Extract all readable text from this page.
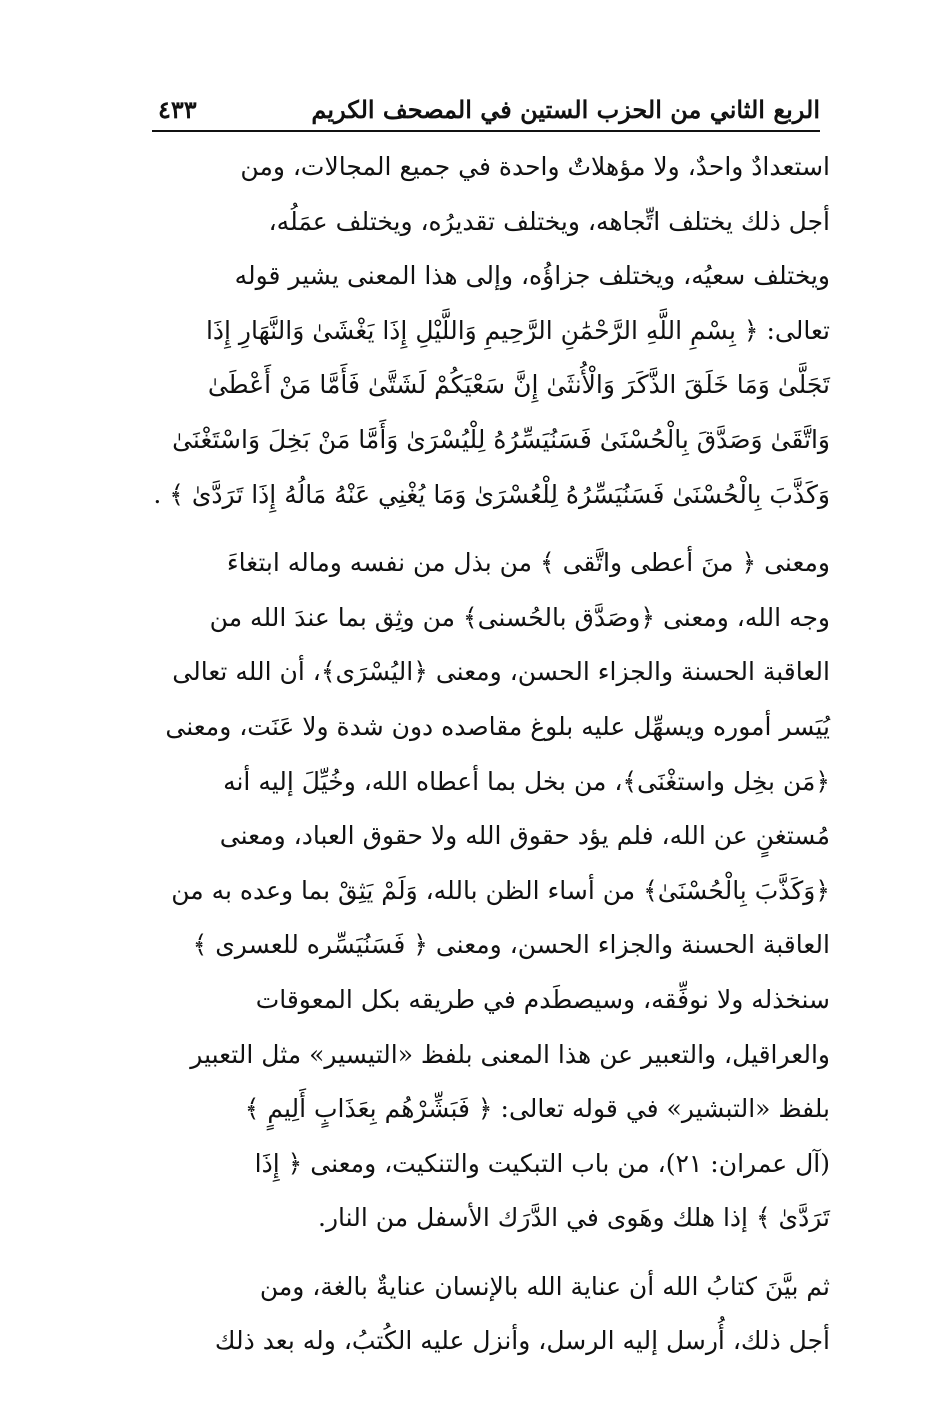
الربع الثاني من الحزب الستين في المصحف الكريم
٤٣٣

استعدادٌ واحدٌ، ولا مؤهلاتٌ واحدة في جميع المجالات، ومن
أجل ذلك يختلف اتِّجاهه، ويختلف تقديرُه، ويختلف عمَلُه،
ويختلف سعيُه، ويختلف جزاؤُه، وإلى هذا المعنى يشير قوله
تعالى: ﴿ بِسْمِ اللَّهِ الرَّحْمَٰنِ الرَّحِيمِ وَاللَّيْلِ إِذَا يَغْشَىٰ وَالنَّهَارِ إِذَا
تَجَلَّىٰ وَمَا خَلَقَ الذَّكَرَ وَالْأُنثَىٰ إِنَّ سَعْيَكُمْ لَشَتَّىٰ فَأَمَّا مَنْ أَعْطَىٰ
وَاتَّقَىٰ وَصَدَّقَ بِالْحُسْنَىٰ فَسَنُيَسِّرُهُ لِلْيُسْرَىٰ وَأَمَّا مَنْ بَخِلَ وَاسْتَغْنَىٰ
وَكَذَّبَ بِالْحُسْنَىٰ فَسَنُيَسِّرُهُ لِلْعُسْرَىٰ وَمَا يُغْنِي عَنْهُ مَالُهُ إِذَا تَرَدَّىٰ ﴾ .

ومعنى ﴿ منَ أعطى واتَّقى ﴾ من بذل من نفسه وماله ابتغاءَ
وجه الله، ومعنى ﴿وصَدَّق بالحُسنى﴾ من وثِق بما عندَ الله من
العاقبة الحسنة والجزاء الحسن، ومعنى ﴿اليُسْرَى﴾، أن الله تعالى
يُيَسر أموره ويسهِّل عليه بلوغ مقاصده دون شدة ولا عَنَت، ومعنى
﴿مَن بخِل واستغْنَى﴾، من بخل بما أعطاه الله، وخُيِّلَ إليه أنه
مُستغنٍ عن الله، فلم يؤد حقوق الله ولا حقوق العباد، ومعنى
﴿وَكَذَّبَ بِالْحُسْنَىٰ﴾ من أساء الظن بالله، وَلَمْ يَثِقْ بما وعده به من
العاقبة الحسنة والجزاء الحسن، ومعنى ﴿ فَسَنُيَسِّره للعسرى ﴾
سنخذله ولا نوفِّقه، وسيصطَدم في طريقه بكل المعوقات
والعراقيل، والتعبير عن هذا المعنى بلفظ «التيسير» مثل التعبير
بلفظ «التبشير» في قوله تعالى: ﴿ فَبَشِّرْهُم بِعَذَابٍ أَلِيمٍ ﴾
(آل عمران: ٢١)، من باب التبكيت والتنكيت، ومعنى ﴿ إِذَا
تَرَدَّىٰ ﴾ إذا هلك وهَوى في الدَّرَك الأسفل من النار.

ثم بيَّنَ كتابُ الله أن عناية الله بالإنسان عنايةٌ بالغة، ومن
أجل ذلك، أُرسل إليه الرسل، وأنزل عليه الكُتبُ، وله بعد ذلك
